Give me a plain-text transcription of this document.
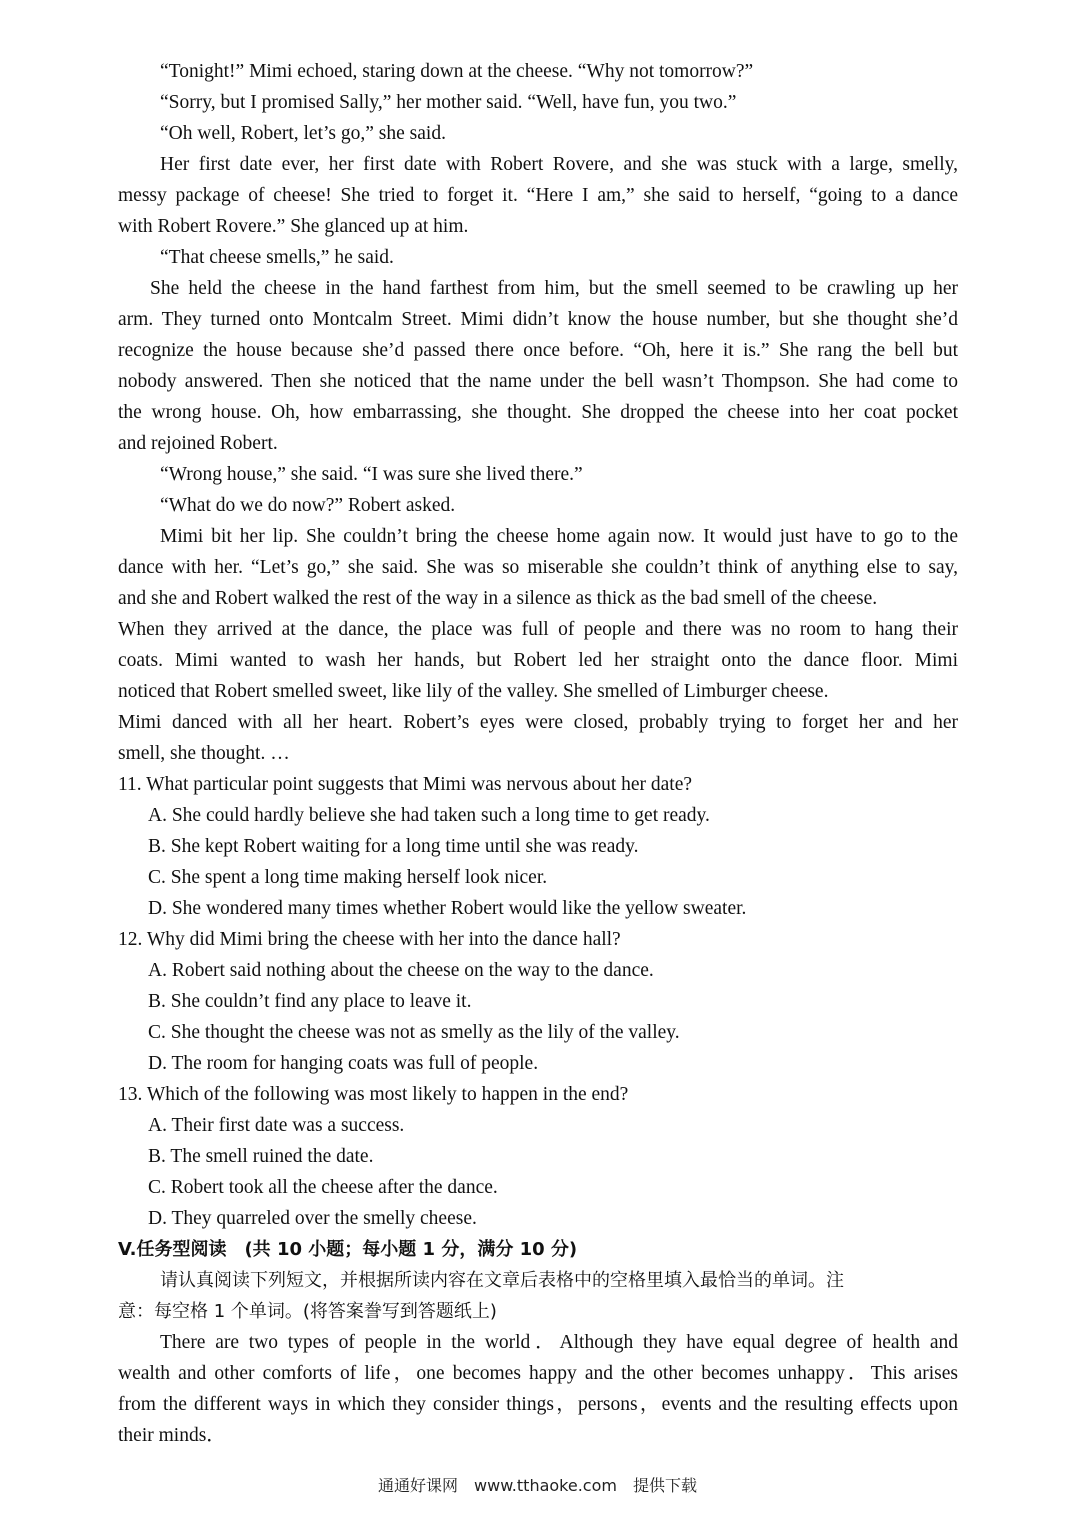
“Tonight!” Mimi echoed, staring down at the cheese. “Why not tomorrow?”
“Sorry, but I promised Sally,” her mother said. “Well, have fun, you two.”
“Oh well, Robert, let’s go,” she said.
Her first date ever, her first date with Robert Rovere, and she was stuck with a large, smelly,
messy package of cheese! She tried to forget it. “Here I am,” she said to herself, “going to a dance
with Robert Rovere.” She glanced up at him.
“That cheese smells,” he said.
She held the cheese in the hand farthest from him, but the smell seemed to be crawling up her
arm. They turned onto Montcalm Street. Mimi didn’t know the house number, but she thought she’d
recognize the house because she’d passed there once before. “Oh, here it is.” She rang the bell but
nobody answered. Then she noticed that the name under the bell wasn’t Thompson. She had come to
the wrong house. Oh, how embarrassing, she thought. She dropped the cheese into her coat pocket
and rejoined Robert.
“Wrong house,” she said. “I was sure she lived there.”
“What do we do now?” Robert asked.
Mimi bit her lip. She couldn’t bring the cheese home again now. It would just have to go to the
dance with her. “Let’s go,” she said. She was so miserable she couldn’t think of anything else to say,
and she and Robert walked the rest of the way in a silence as thick as the bad smell of the cheese.
When they arrived at the dance, the place was full of people and there was no room to hang their
coats. Mimi wanted to wash her hands, but Robert led her straight onto the dance floor. Mimi
noticed that Robert smelled sweet, like lily of the valley. She smelled of Limburger cheese.
Mimi danced with all her heart. Robert’s eyes were closed, probably trying to forget her and her
smell, she thought. …
11. What particular point suggests that Mimi was nervous about her date?
A. She could hardly believe she had taken such a long time to get ready.
B. She kept Robert waiting for a long time until she was ready.
C. She spent a long time making herself look nicer.
D. She wondered many times whether Robert would like the yellow sweater.
12. Why did Mimi bring the cheese with her into the dance hall?
A. Robert said nothing about the cheese on the way to the dance.
B. She couldn’t find any place to leave it.
C. She thought the cheese was not as smelly as the lily of the valley.
D. The room for hanging coats was full of people.
13. Which of the following was most likely to happen in the end?
A. Their first date was a success.
B. The smell ruined the date.
C. Robert took all the cheese after the dance.
D. They quarreled over the smelly cheese.
V.任务型阅读　(共 10 小题；每小题 1 分，满分 10 分)
请认真阅读下列短文，并根据所读内容在文章后表格中的空格里填入最恰当的单词。注
意：每空格 1 个单词。(将答案誊写到答题纸上)
There are two types of people in the world．Although they have equal degree of health and
wealth and other comforts of life，one becomes happy and the other becomes unhappy．This arises
from the different ways in which they consider things，persons，events and the resulting effects upon
their minds．
通通好课网　www.tthaoke.com　提供下载
